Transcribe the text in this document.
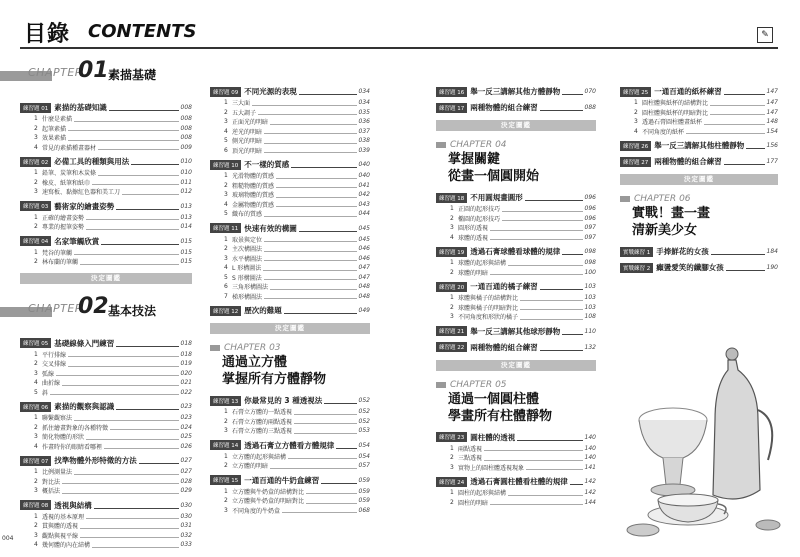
目錄 CONTENTS	✎
CHAPTER
01 素描基礎
練習題 01 素描的基礎知識	008
1 什麼是素描	008
2 起筆素描	008
3 效果素描	008
4 常見的素描種畫器材	009
練習題 02 必備工具的種類與用法	010
1 鉛筆、炭筆和木炭條	010
2 橡皮、紙筆和紙巾	011
3 速寫板、黏擦紅色器和美工刀	012
練習題 03 藝術家的繪畫姿勢	013
1 正確的繪畫姿勢	013
2 專業的握筆姿勢	014
練習題 04 名家筆觸欣賞	015
1 梵谷的筆觸	015
2 林布蘭的筆觸	015
決定圖鑑
CHAPTER
02 基本技法
練習題 05 基礎線條入門練習	018
1 平行排線	018
2 交叉排線	019
3 弧線	020
4 曲折線	021
5 斜	022
練習題 06 素描的觀察與認識	023
1 聯繫觀察法	023
2 抓住繪畫對象的各種特徵	024
3 簡化物體的形狀	025
4 作畫時你的眼睛看哪裡	026
練習題 07 找準物體外形特徵的方法	027
1 比例測量法	027
2 對比法	028
3 概括法	029
練習題 08 透視與結構	030
1 透視的基本原理	030
2 貫與體的透視	031
3 觀點與視平線	032
4 幾何體的內在結構	033
練習題 09 不同光源的表現	034
1 三大面	034
2 五大調子	035
3 正面光的明暗	036
4 逆光的明暗	037
5 側光的明暗	038
6 頂光的明暗	039
練習題 10 不一樣的質感	040
1 光滑物體的質感	040
2 粗糙物體的質感	041
3 玻璃物體的質感	042
4 金屬物體的質感	043
5 織布的質感	044
練習題 11 快速有效的構圖	045
1 取景與定位	045
2 主次構圖法	046
3 水平構圖法	046
4 L 形構圖法	047
5 S 形構圖法	047
6 三角形構圖法	048
7 梯形構圖法	048
練習題 12 歷次的難題	049
決定圖鑑
CHAPTER 03
通過立方體
掌握所有方體靜物
練習題 13 你最常見的 3 種透視法	052
1 石膏立方體的一點透視	052
2 石膏立方體的兩點透視	052
3 石膏立方體的三點透視	053
練習題 14 透過石膏立方體看方體規律	054
1 立方體的起形與結構	054
2 立方體的明暗	057
練習題 15 一通百通的牛奶盒練習	059
1 立方體與牛奶盒的結構對比	059
2 立方體與牛奶盒的明暗對比	059
3 不同角度的牛奶盒	068
練習題 16 舉一反三講解其他方體靜物	070
練習題 17 兩種物體的組合練習	088
決定圖鑑
CHAPTER 04
掌握關鍵
從畫一個圓開始
練習題 18 不用圓規畫圓形	096
1 正圓的起形技巧	096
2 橢圓的起形技巧	096
3 圓形的透視	097
4 球體的透視	097
練習題 19 透過石膏球體看球體的規律	098
1 球體的起形與結構	098
2 球體的明暗	100
練習題 20 一通百通的橘子練習	103
1 球體與橘子的結構對比	103
2 球體與橘子的明暗對比	103
3 不同角度和形狀的橘子	108
練習題 21 舉一反三講解其他球形靜物	110
練習題 22 兩種物體的組合練習	132
決定圖鑑
CHAPTER 05
通過一個圓柱體
學畫所有柱體靜物
練習題 23 圓柱體的透視	140
1 兩點透視	140
2 三點透視	140
3 實物上的圓柱體透視現象	141
練習題 24 透過石膏圓柱體看柱體的規律	142
1 圓柱的起形與結構	142
2 圓柱的明暗	144
練習題 25 一通百通的紙杯練習	147
1 圓柱體與紙杯的結構對比	147
2 圓柱體與紙杯的明暗對比	147
3 透過石膏圓柱體畫紙杯	148
4 不同角度的紙杯	154
練習題 26 舉一反三講解其他柱體靜物	156
練習題 27 兩種物體的組合練習	177
決定圖鑑
CHAPTER 06
實戰！畫一畫
清新美少女
實戰練習 1 手捧鮮花的女孩	184
實戰練習 2 癲盪愛笑的纖腳女孩	190
004
